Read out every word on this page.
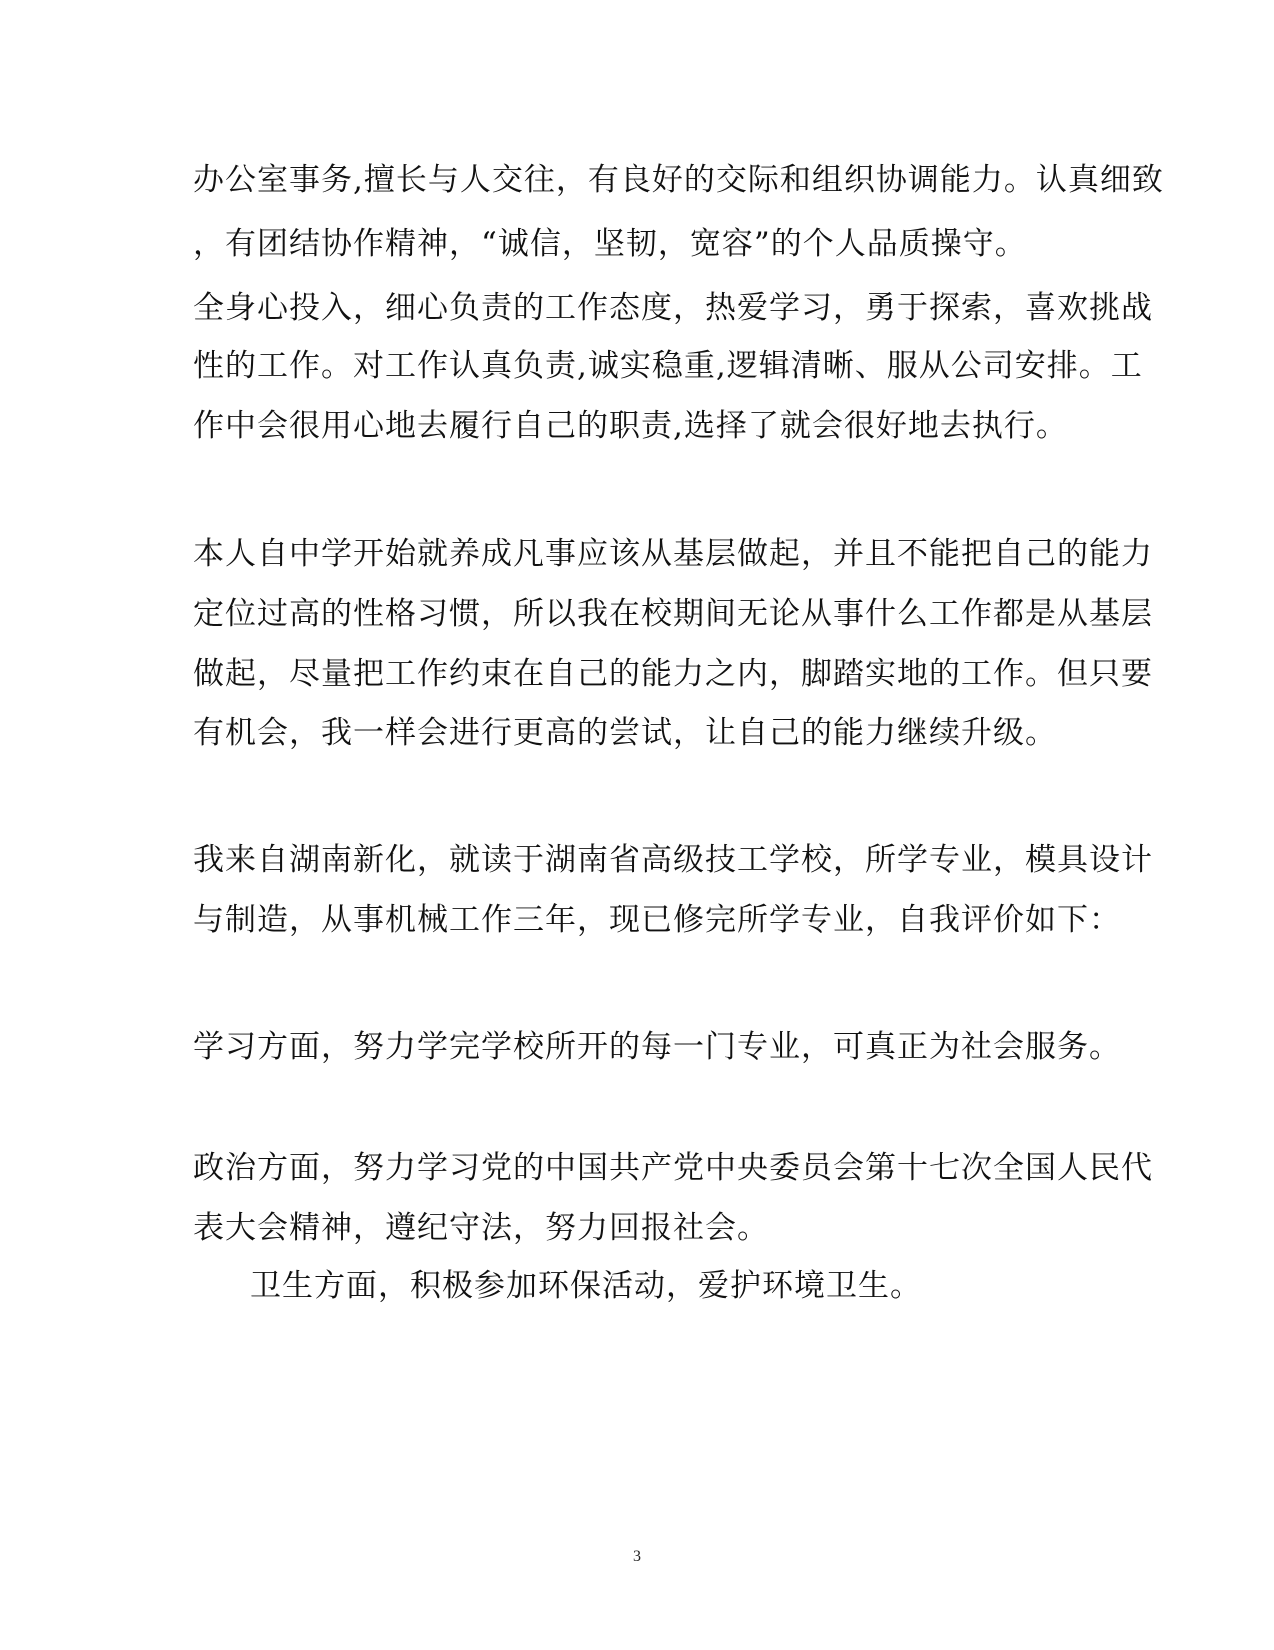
办公室事务,擅长与人交往，有良好的交际和组织协调能力。认真细致
，有团结协作精神，“诚信，坚韧，宽容”的个人品质操守。
全身心投入，细心负责的工作态度，热爱学习，勇于探索，喜欢挑战
性的工作。对工作认真负责,诚实稳重,逻辑清晰、服从公司安排。工
作中会很用心地去履行自己的职责,选择了就会很好地去执行。
本人自中学开始就养成凡事应该从基层做起，并且不能把自己的能力
定位过高的性格习惯，所以我在校期间无论从事什么工作都是从基层
做起，尽量把工作约束在自己的能力之内，脚踏实地的工作。但只要
有机会，我一样会进行更高的尝试，让自己的能力继续升级。
我来自湖南新化，就读于湖南省高级技工学校，所学专业，模具设计
与制造，从事机械工作三年，现已修完所学专业，自我评价如下：
学习方面，努力学完学校所开的每一门专业，可真正为社会服务。
政治方面，努力学习党的中国共产党中央委员会第十七次全国人民代
表大会精神，遵纪守法，努力回报社会。
卫生方面，积极参加环保活动，爱护环境卫生。
3
